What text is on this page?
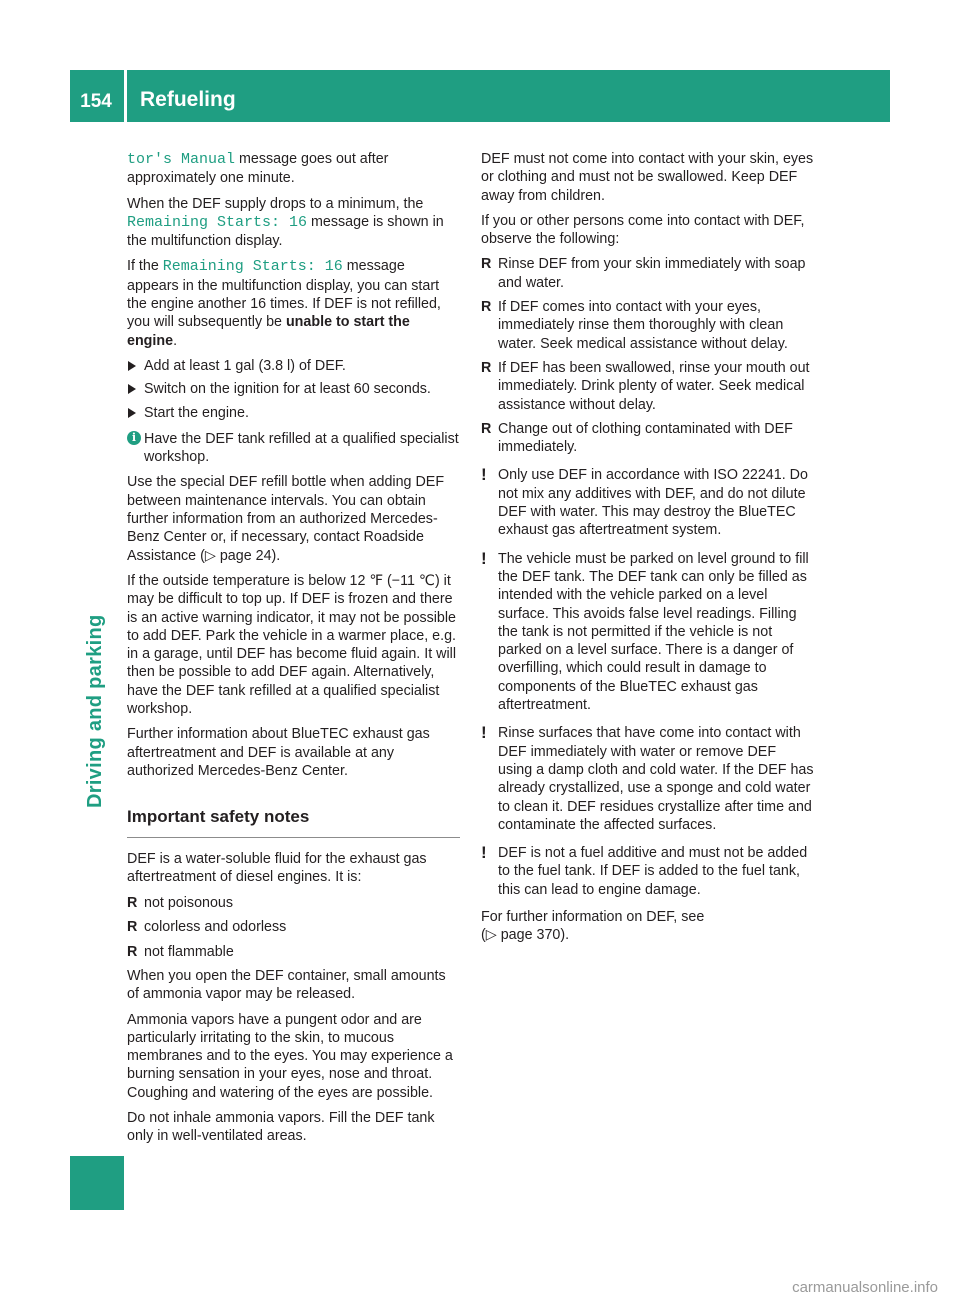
154	Refueling
Driving and parking

tor's Manual message goes out after approximately one minute.

When the DEF supply drops to a minimum, the Remaining Starts: 16 message is shown in the multifunction display.

If the Remaining Starts: 16 message appears in the multifunction display, you can start the engine another 16 times. If DEF is not refilled, you will subsequently be unable to start the engine.

Add at least 1 gal (3.8 l) of DEF.
Switch on the ignition for at least 60 seconds.
Start the engine.
i Have the DEF tank refilled at a qualified specialist workshop.

Use the special DEF refill bottle when adding DEF between maintenance intervals. You can obtain further information from an authorized Mercedes-Benz Center or, if necessary, contact Roadside Assistance (▷ page 24).

If the outside temperature is below 12 ℉ (−11 ℃) it may be difficult to top up. If DEF is frozen and there is an active warning indicator, it may not be possible to add DEF. Park the vehicle in a warmer place, e.g. in a garage, until DEF has become fluid again. It will then be possible to add DEF again. Alternatively, have the DEF tank refilled at a qualified specialist workshop.

Further information about BlueTEC exhaust gas aftertreatment and DEF is available at any authorized Mercedes-Benz Center.

Important safety notes

DEF is a water-soluble fluid for the exhaust gas aftertreatment of diesel engines. It is:

R not poisonous
R colorless and odorless
R not flammable

When you open the DEF container, small amounts of ammonia vapor may be released.

Ammonia vapors have a pungent odor and are particularly irritating to the skin, to mucous membranes and to the eyes. You may experience a burning sensation in your eyes, nose and throat. Coughing and watering of the eyes are possible.

Do not inhale ammonia vapors. Fill the DEF tank only in well-ventilated areas.

DEF must not come into contact with your skin, eyes or clothing and must not be swallowed. Keep DEF away from children.

If you or other persons come into contact with DEF, observe the following:

R Rinse DEF from your skin immediately with soap and water.
R If DEF comes into contact with your eyes, immediately rinse them thoroughly with clean water. Seek medical assistance without delay.
R If DEF has been swallowed, rinse your mouth out immediately. Drink plenty of water. Seek medical assistance without delay.
R Change out of clothing contaminated with DEF immediately.
! Only use DEF in accordance with ISO 22241. Do not mix any additives with DEF, and do not dilute DEF with water. This may destroy the BlueTEC exhaust gas aftertreatment system.
! The vehicle must be parked on level ground to fill the DEF tank. The DEF tank can only be filled as intended with the vehicle parked on a level surface. This avoids false level readings. Filling the tank is not permitted if the vehicle is not parked on a level surface. There is a danger of overfilling, which could result in damage to components of the BlueTEC exhaust gas aftertreatment.
! Rinse surfaces that have come into contact with DEF immediately with water or remove DEF using a damp cloth and cold water. If the DEF has already crystallized, use a sponge and cold water to clean it. DEF residues crystallize after time and contaminate the affected surfaces.
! DEF is not a fuel additive and must not be added to the fuel tank. If DEF is added to the fuel tank, this can lead to engine damage.

For further information on DEF, see
(▷ page 370).

carmanualsonline.info
